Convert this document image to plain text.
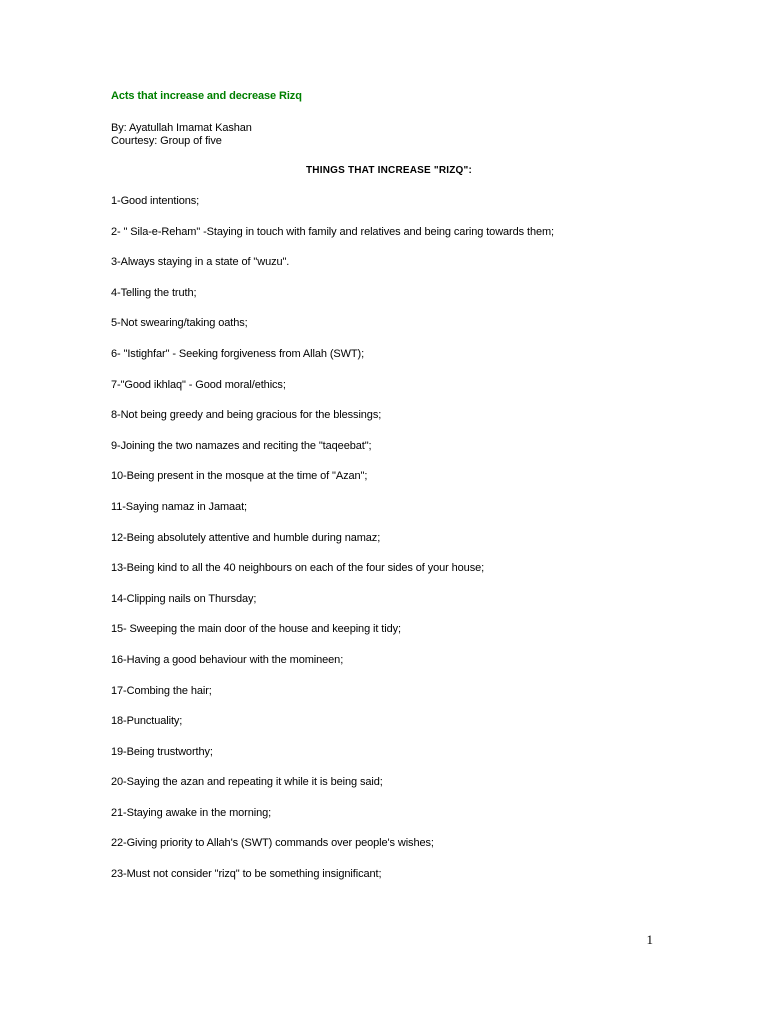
Acts that increase and decrease Rizq
By: Ayatullah Imamat Kashan
Courtesy: Group of five
THINGS THAT INCREASE "RIZQ":
1-Good intentions;
2- " Sila-e-Reham" -Staying in touch with family and relatives and being caring towards them;
3-Always staying in a state of "wuzu".
4-Telling the truth;
5-Not swearing/taking oaths;
6- "Istighfar" - Seeking forgiveness from Allah (SWT);
7-"Good ikhlaq" - Good moral/ethics;
8-Not being greedy and being gracious for the blessings;
9-Joining the two namazes and reciting the "taqeebat";
10-Being present in the mosque at the time of "Azan";
11-Saying namaz in Jamaat;
12-Being absolutely attentive and humble during namaz;
13-Being kind to all the 40 neighbours on each of the four sides of your house;
14-Clipping nails on Thursday;
15- Sweeping the main door of the house and keeping it tidy;
16-Having a good behaviour with the momineen;
17-Combing the hair;
18-Punctuality;
19-Being trustworthy;
20-Saying the azan and repeating it while it is being said;
21-Staying awake in the morning;
22-Giving priority to Allah's (SWT) commands over people's wishes;
23-Must not consider "rizq" to be something insignificant;
1
